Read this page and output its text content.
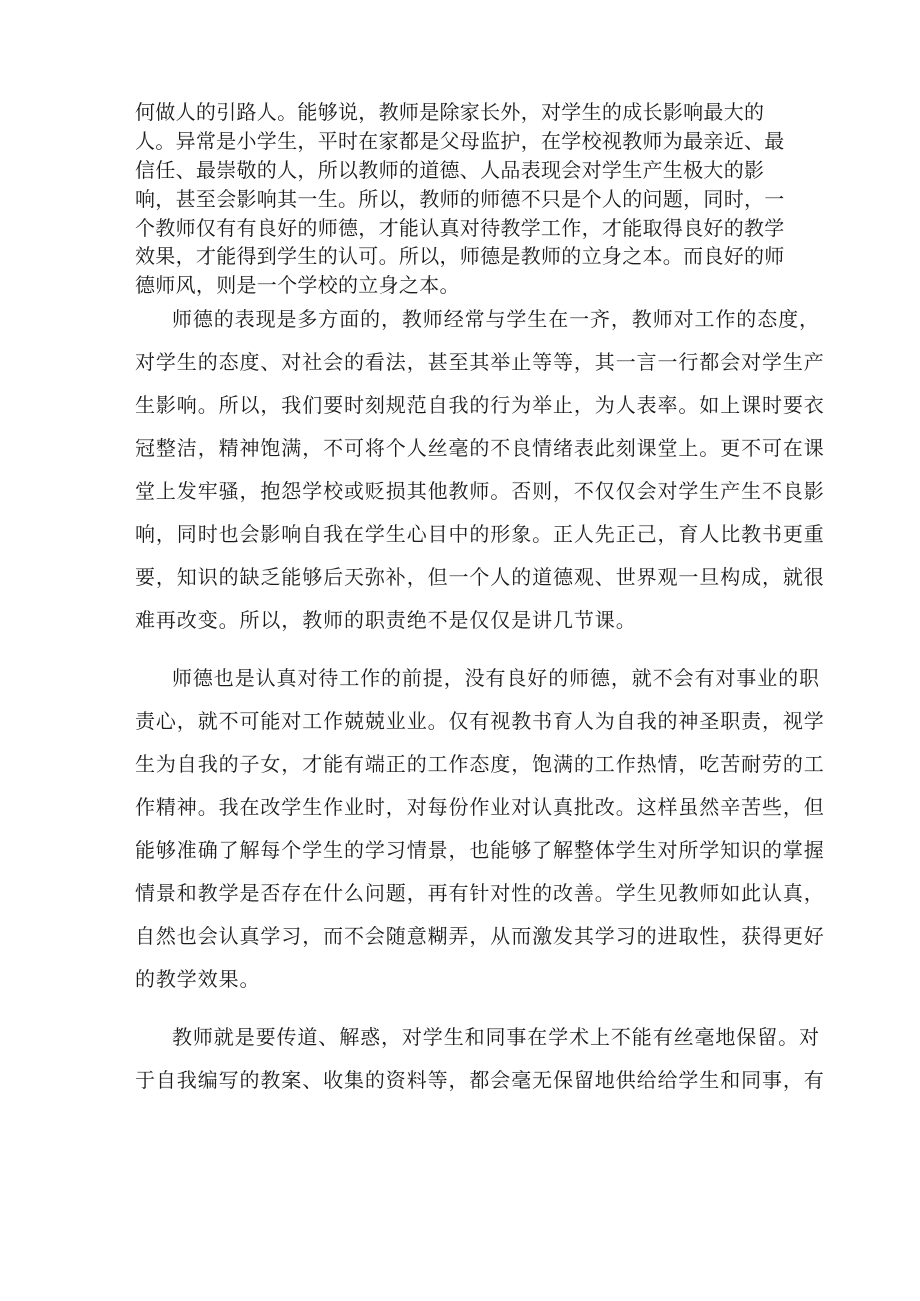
何做人的引路人。能够说，教师是除家长外，对学生的成长影响最大的

人。异常是小学生，平时在家都是父母监护，在学校视教师为最亲近、最

信任、最崇敬的人，所以教师的道德、人品表现会对学生产生极大的影

响，甚至会影响其一生。所以，教师的师德不只是个人的问题，同时，一

个教师仅有有良好的师德，才能认真对待教学工作，才能取得良好的教学

效果，才能得到学生的认可。所以，师德是教师的立身之本。而良好的师

德师风，则是一个学校的立身之本。

师德的表现是多方面的，教师经常与学生在一齐，教师对工作的态度，

对学生的态度、对社会的看法，甚至其举止等等，其一言一行都会对学生产

生影响。所以，我们要时刻规范自我的行为举止，为人表率。如上课时要衣

冠整洁，精神饱满，不可将个人丝毫的不良情绪表此刻课堂上。更不可在课

堂上发牢骚，抱怨学校或贬损其他教师。否则，不仅仅会对学生产生不良影

响，同时也会影响自我在学生心目中的形象。正人先正己，育人比教书更重

要，知识的缺乏能够后天弥补，但一个人的道德观、世界观一旦构成，就很

难再改变。所以，教师的职责绝不是仅仅是讲几节课。

师德也是认真对待工作的前提，没有良好的师德，就不会有对事业的职

责心，就不可能对工作兢兢业业。仅有视教书育人为自我的神圣职责，视学

生为自我的子女，才能有端正的工作态度，饱满的工作热情，吃苦耐劳的工

作精神。我在改学生作业时，对每份作业对认真批改。这样虽然辛苦些，但

能够准确了解每个学生的学习情景，也能够了解整体学生对所学知识的掌握

情景和教学是否存在什么问题，再有针对性的改善。学生见教师如此认真，

自然也会认真学习，而不会随意糊弄，从而激发其学习的进取性，获得更好

的教学效果。

教师就是要传道、解惑，对学生和同事在学术上不能有丝毫地保留。对

于自我编写的教案、收集的资料等，都会毫无保留地供给给学生和同事，有
